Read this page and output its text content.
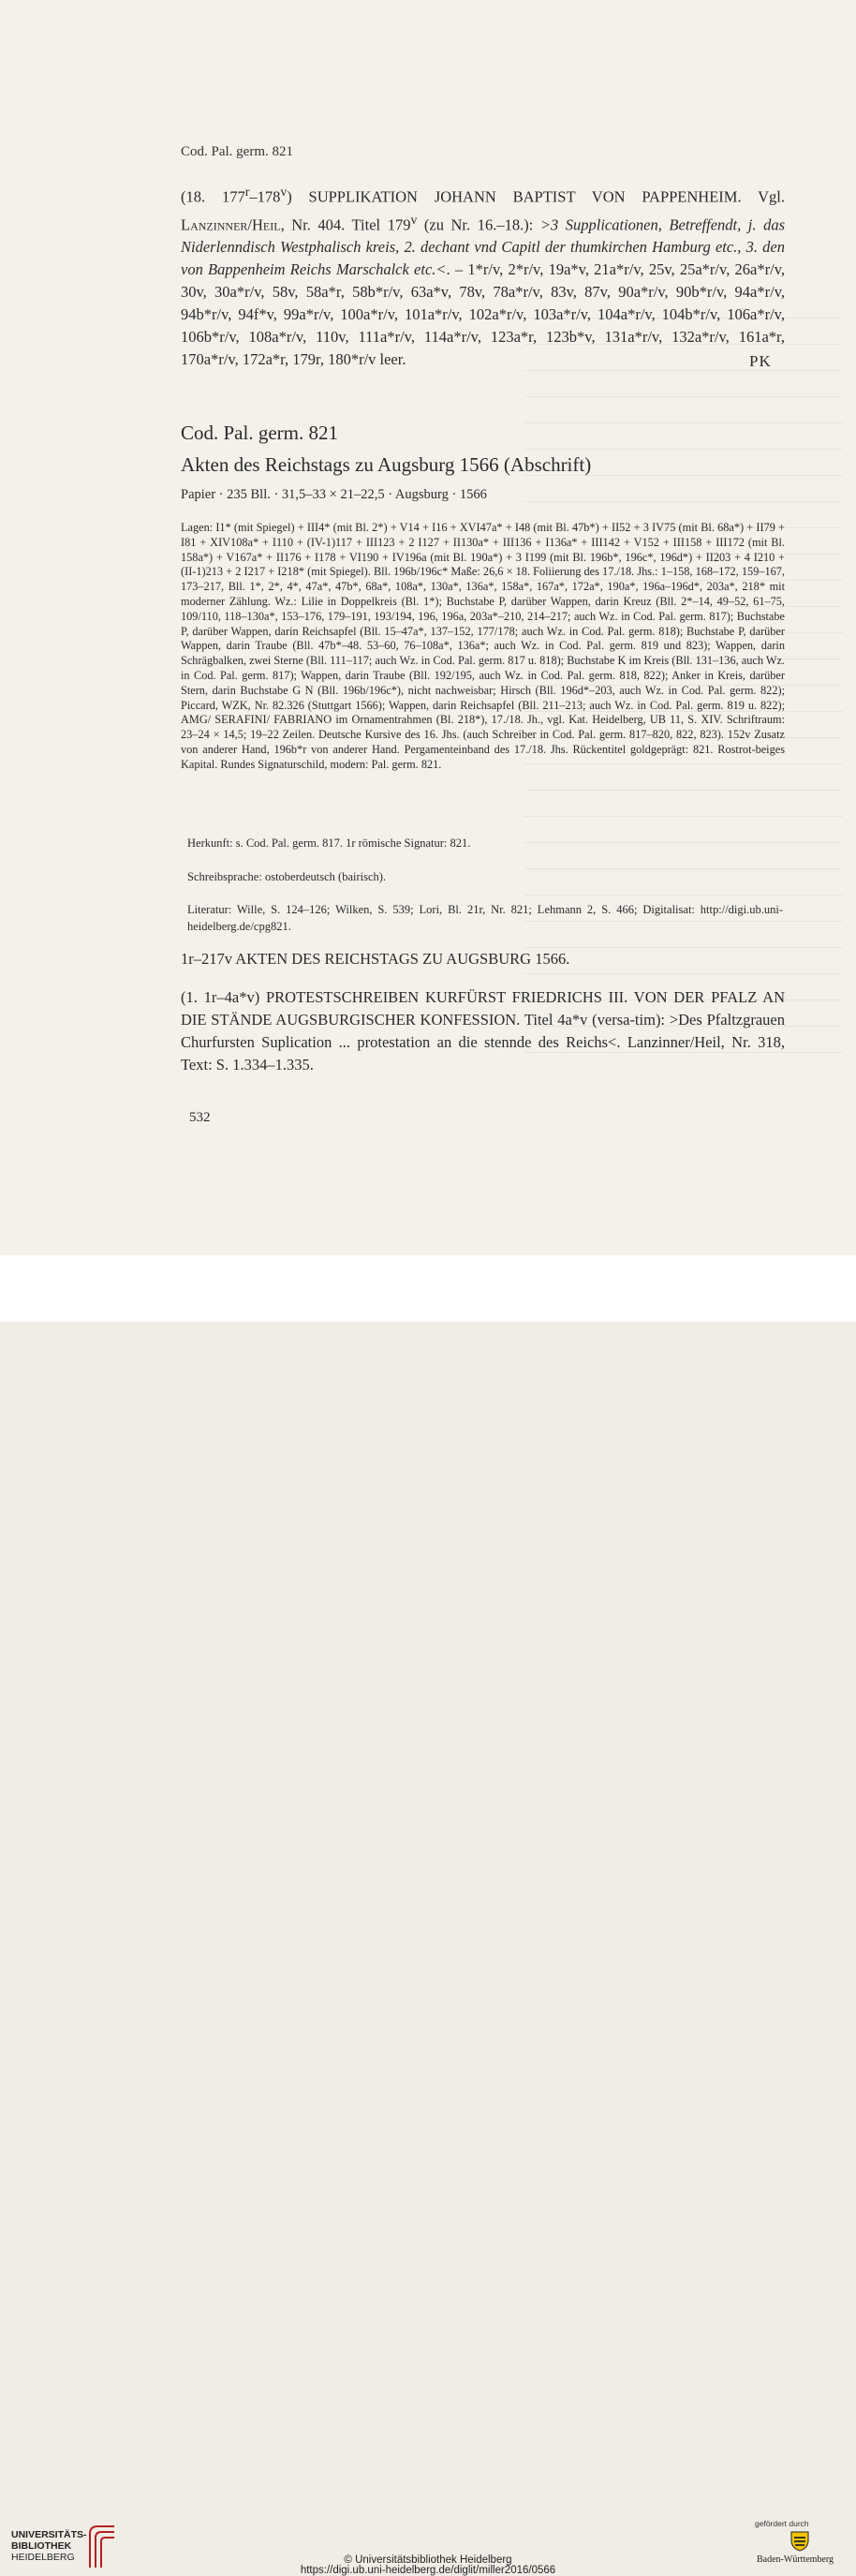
Cod. Pal. germ. 821
(18. 177$^r$–178$^v$) SUPPLIKATION JOHANN BAPTIST VON PAPPENHEIM. Vgl. Lanzinner/Heil, Nr. 404. Titel 179$^v$ (zu Nr. 16.–18.): >3 Supplicationen, Betreffendt, j. das Niderlenndisch Westphalisch kreis, 2. dechant vnd Capitl der thumkirchen Hamburg etc., 3. den von Bappenheim Reichs Marschalck etc.<. – 1*r/v, 2*r/v, 19a*v, 21a*r/v, 25v, 25a*r/v, 26a*r/v, 30v, 30a*r/v, 58v, 58a*r, 58b*r/v, 63a*v, 78v, 78a*r/v, 83v, 87v, 90a*r/v, 90b*r/v, 94a*r/v, 94b*r/v, 94f*v, 99a*r/v, 100a*r/v, 101a*r/v, 102a*r/v, 103a*r/v, 104a*r/v, 104b*r/v, 106a*r/v, 106b*r/v, 108a*r/v, 110v, 111a*r/v, 114a*r/v, 123a*r, 123b*v, 131a*r/v, 132a*r/v, 161a*r, 170a*r/v, 172a*r, 179r, 180*r/v leer.	PK
Cod. Pal. germ. 821
Akten des Reichstags zu Augsburg 1566 (Abschrift)
Papier · 235 Bll. · 31,5–33 × 21–22,5 · Augsburg · 1566
Lagen: I1* (mit Spiegel) + III4* (mit Bl. 2*) + V14 + I16 + XVI47a* + I48 (mit Bl. 47b*) + II52 + 3 IV75 (mit Bl. 68a*) + II79 + I81 + XIV108a* + I110 + (IV-1)117 + III123 + 2 I127 + II130a* + III136 + I136a* + III142 + V152 + III158 + III172 (mit Bl. 158a*) + V167a* + II176 + I178 + VI190 + IV196a (mit Bl. 190a*) + 3 I199 (mit Bl. 196b*, 196c*, 196d*) + II203 + 4 I210 + (II-1)213 + 2 I217 + I218* (mit Spiegel). Bll. 196b/196c* Maße: 26,6 × 18. Foliierung des 17./18. Jhs.: 1–158, 168–172, 159–167, 173–217, Bll. 1*, 2*, 4*, 47a*, 47b*, 68a*, 108a*, 130a*, 136a*, 158a*, 167a*, 172a*, 190a*, 196a–196d*, 203a*, 218* mit moderner Zählung. Wz.: Lilie in Doppelkreis (Bl. 1*); Buchstabe P, darüber Wappen, darin Kreuz (Bll. 2*–14, 49–52, 61–75, 109/110, 118–130a*, 153–176, 179–191, 193/194, 196, 196a, 203a*–210, 214–217; auch Wz. in Cod. Pal. germ. 817); Buchstabe P, darüber Wappen, darin Reichsapfel (Bll. 15–47a*, 137–152, 177/178; auch Wz. in Cod. Pal. germ. 818); Buchstabe P, darüber Wappen, darin Traube (Bll. 47b*–48. 53–60, 76–108a*, 136a*; auch Wz. in Cod. Pal. germ. 819 und 823); Wappen, darin Schrägbalken, zwei Sterne (Bll. 111–117; auch Wz. in Cod. Pal. germ. 817 u. 818); Buchstabe K im Kreis (Bll. 131–136, auch Wz. in Cod. Pal. germ. 817); Wappen, darin Traube (Bll. 192/195, auch Wz. in Cod. Pal. germ. 818, 822); Anker in Kreis, darüber Stern, darin Buchstabe G N (Bll. 196b/196c*), nicht nachweisbar; Hirsch (Bll. 196d*–203, auch Wz. in Cod. Pal. germ. 822); Piccard, WZK, Nr. 82.326 (Stuttgart 1566); Wappen, darin Reichsapfel (Bll. 211–213; auch Wz. in Cod. Pal. germ. 819 u. 822); AMG/ SERAFINI/ FABRIANO im Ornamentrahmen (Bl. 218*), 17./18. Jh., vgl. Kat. Heidelberg, UB 11, S. XIV. Schriftraum: 23–24 × 14,5; 19–22 Zeilen. Deutsche Kursive des 16. Jhs. (auch Schreiber in Cod. Pal. germ. 817–820, 822, 823). 152v Zusatz von anderer Hand, 196b*r von anderer Hand. Pergamenteinband des 17./18. Jhs. Rückentitel goldgeprägt: 821. Rostrot-beiges Kapital. Rundes Signaturschild, modern: Pal. germ. 821.
Herkunft: s. Cod. Pal. germ. 817. 1r römische Signatur: 821.
Schreibsprache: ostoberdeutsch (bairisch).
Literatur: Wille, S. 124–126; Wilken, S. 539; Lori, Bl. 21r, Nr. 821; Lehmann 2, S. 466; Digitalisat: http://digi.ub.uni-heidelberg.de/cpg821.
1r–217v AKTEN DES REICHSTAGS ZU AUGSBURG 1566.
(1. 1r–4a*v) PROTESTSCHREIBEN KURFÜRST FRIEDRICHS III. VON DER PFALZ AN DIE STÄNDE AUGSBURGISCHER KONFESSION. Titel 4a*v (versa-tim): >Des Pfaltzgrauen Churfursten Suplication ... protestation an die stennde des Reichs<. Lanzinner/Heil, Nr. 318, Text: S. 1.334–1.335.
532
UNIVERSITÄTS-
BIBLIOTHEK
HEIDELBERG	© Universitätsbibliothek Heidelberg
https://digi.ub.uni-heidelberg.de/diglit/miller2016/0566
gefördert durch
Baden-Württemberg
